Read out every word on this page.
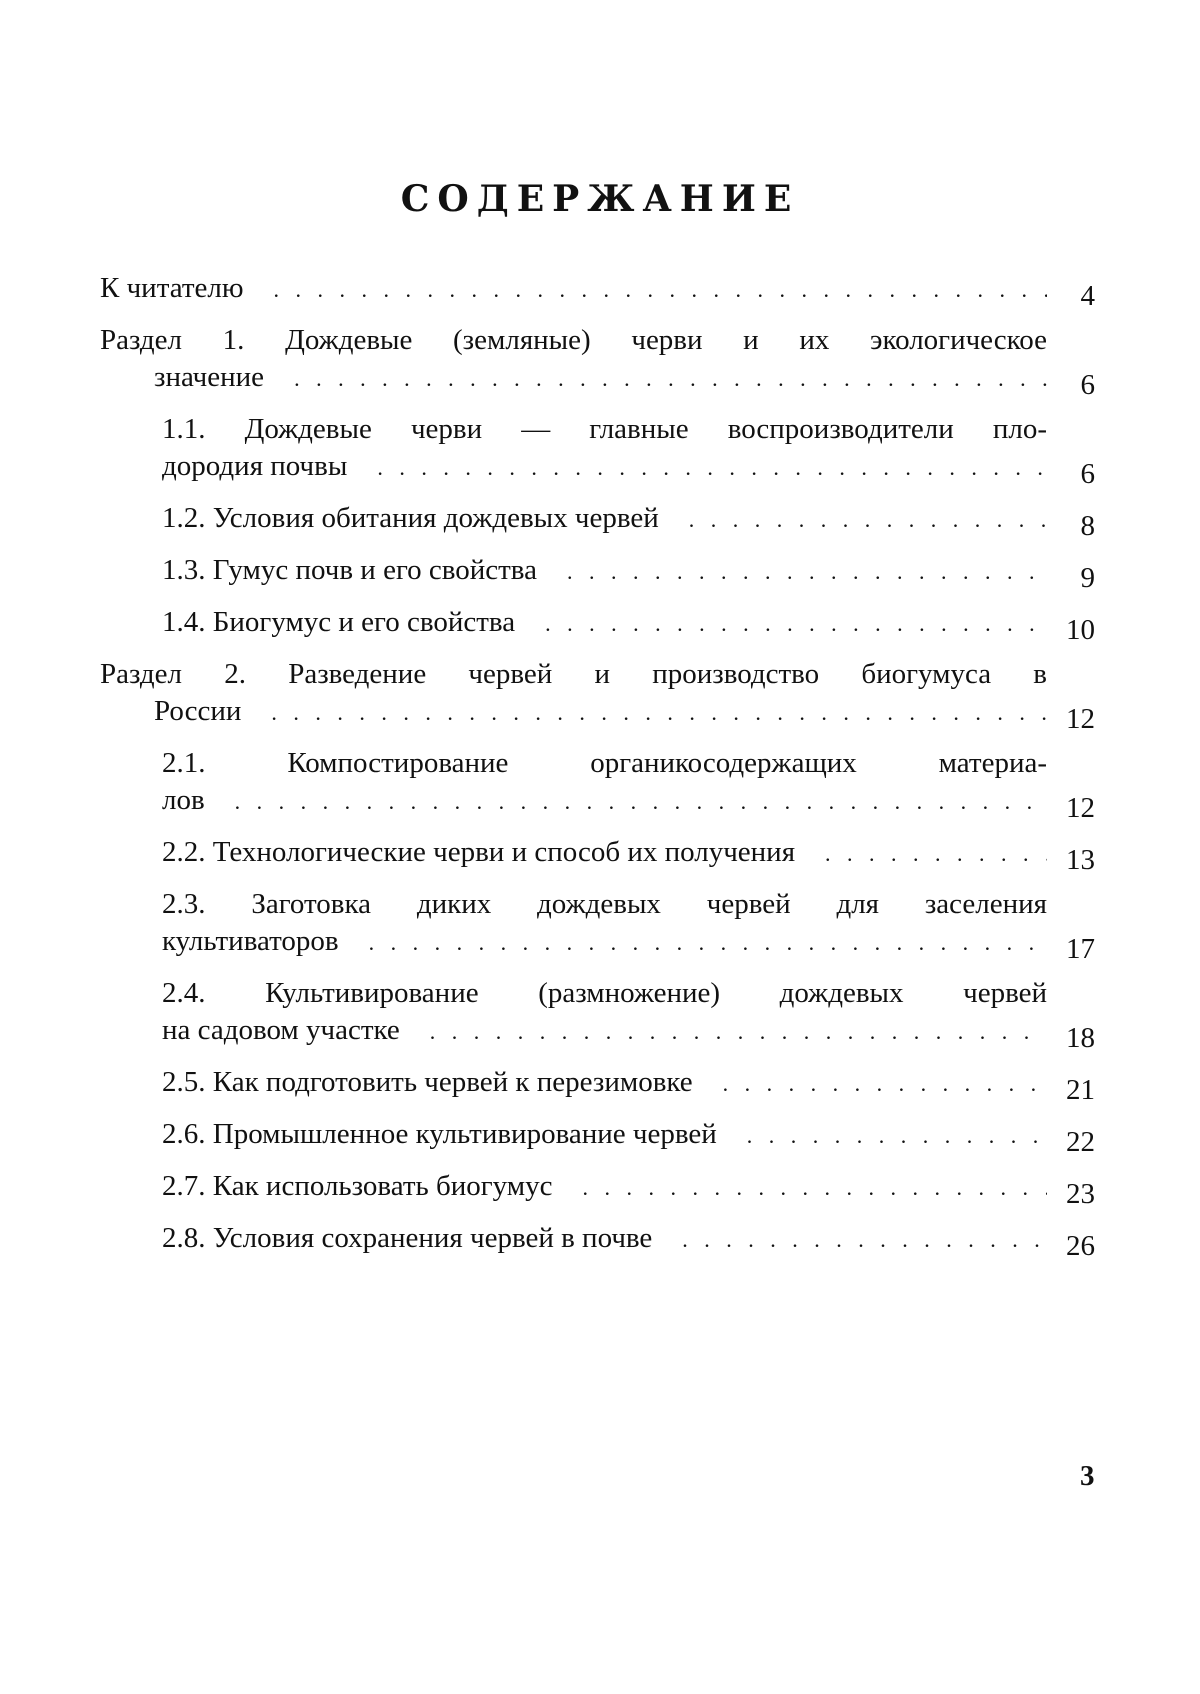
СОДЕРЖАНИЕ
К читателю . . .	4
Раздел 1. Дождевые (земляные) черви и их экологическое
значение . . .	6
1.1. Дождевые черви — главные воспроизводители пло-
дородия почвы . . .	6
1.2. Условия обитания дождевых червей . . .	8
1.3. Гумус почв и его свойства . . .	9
1.4. Биогумус и его свойства . . .	10
Раздел 2. Разведение червей и производство биогумуса в
России . . .	12
2.1. Компостирование органикосодержащих материа-
лов . . .	12
2.2. Технологические черви и способ их получения . . .	13
2.3. Заготовка диких дождевых червей для заселения
культиваторов . . .	17
2.4. Культивирование (размножение) дождевых червей
на садовом участке . . .	18
2.5. Как подготовить червей к перезимовке . . .	21
2.6. Промышленное культивирование червей . . .	22
2.7. Как использовать биогумус . . .	23
2.8. Условия сохранения червей в почве . . .	26
3
